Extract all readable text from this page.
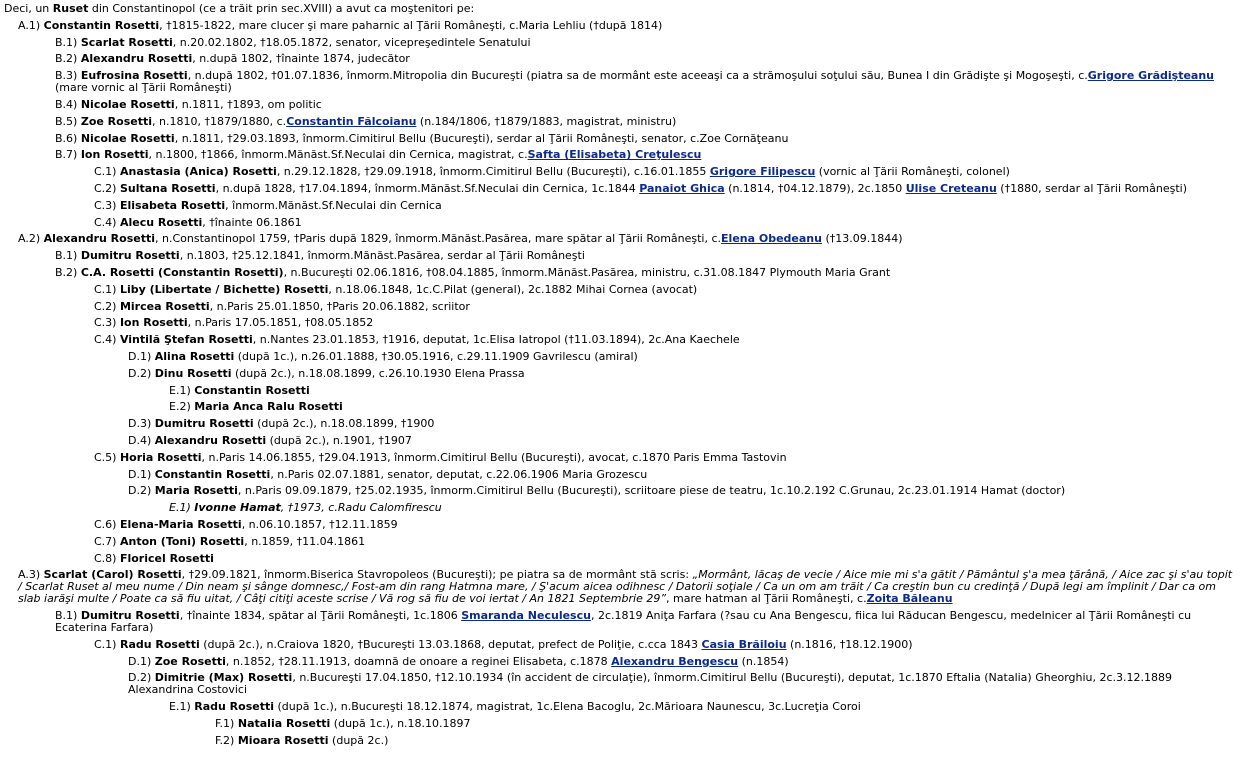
Deci, un Ruset din Constantinopol (ce a trăit prin sec.XVIII) a avut ca moştenitori pe:
A.1) Constantin Rosetti, †1815-1822, mare clucer şi mare paharnic al Ţării Româneşti, c.Maria Lehliu (†după 1814)
B.1) Scarlat Rosetti, n.20.02.1802, †18.05.1872, senator, vicepreşedintele Senatului
B.2) Alexandru Rosetti, n.după 1802, †înainte 1874, judecător
B.3) Eufrosina Rosetti, n.după 1802, †01.07.1836, înmorm.Mitropolia din Bucureşti (piatra sa de mormânt este aceeaşi ca a strămoşului soţului său, Bunea I din Grădişte şi Mogoşeşti, c.Grigore Grădişteanu (mare vornic al Ţării Româneşti)
B.4) Nicolae Rosetti, n.1811, †1893, om politic
B.5) Zoe Rosetti, n.1810, †1879/1880, c.Constantin Fălcoianu (n.184/1806, †1879/1883, magistrat, ministru)
B.6) Nicolae Rosetti, n.1811, †29.03.1893, înmorm.Cimitirul Bellu (Bucureşti), serdar al Ţării Româneşti, senator, c.Zoe Cornăţeanu
B.7) Ion Rosetti, n.1800, †1866, înmorm.Mănăst.Sf.Neculai din Cernica, magistrat, c.Safta (Elisabeta) Creţulescu
C.1) Anastasia (Anica) Rosetti, n.29.12.1828, †29.09.1918, înmorm.Cimitirul Bellu (Bucureşti), c.16.01.1855 Grigore Filipescu (vornic al Ţării Româneşti, colonel)
C.2) Sultana Rosetti, n.după 1828, †17.04.1894, înmorm.Mănăst.Sf.Neculai din Cernica, 1c.1844 Panaiot Ghica (n.1814, †04.12.1879), 2c.1850 Ulise Creteanu (†1880, serdar al Ţării Româneşti)
C.3) Elisabeta Rosetti, înmorm.Mănăst.Sf.Neculai din Cernica
C.4) Alecu Rosetti, †înainte 06.1861
A.2) Alexandru Rosetti, n.Constantinopol 1759, †Paris după 1829, înmorm.Mănăst.Pasărea, mare spătar al Ţării Româneşti, c.Elena Obedeanu (†13.09.1844)
B.1) Dumitru Rosetti, n.1803, †25.12.1841, înmorm.Mănăst.Pasărea, serdar al Ţării Româneşti
B.2) C.A. Rosetti (Constantin Rosetti), n.Bucureşti 02.06.1816, †08.04.1885, înmorm.Mănăst.Pasărea, ministru, c.31.08.1847 Plymouth Maria Grant
C.1) Liby (Libertate / Bichette) Rosetti, n.18.06.1848, 1c.C.Pilat (general), 2c.1882 Mihai Cornea (avocat)
C.2) Mircea Rosetti, n.Paris 25.01.1850, †Paris 20.06.1882, scriitor
C.3) Ion Rosetti, n.Paris 17.05.1851, †08.05.1852
C.4) Vintilă Ştefan Rosetti, n.Nantes 23.01.1853, †1916, deputat, 1c.Elisa Iatropol (†11.03.1894), 2c.Ana Kaechele
D.1) Alina Rosetti (după 1c.), n.26.01.1888, †30.05.1916, c.29.11.1909 Gavrilescu (amiral)
D.2) Dinu Rosetti (după 2c.), n.18.08.1899, c.26.10.1930 Elena Prassa
E.1) Constantin Rosetti
E.2) Maria Anca Ralu Rosetti
D.3) Dumitru Rosetti (după 2c.), n.18.08.1899, †1900
D.4) Alexandru Rosetti (după 2c.), n.1901, †1907
C.5) Horia Rosetti, n.Paris 14.06.1855, †29.04.1913, înmorm.Cimitirul Bellu (Bucureşti), avocat, c.1870 Paris Emma Tastovin
D.1) Constantin Rosetti, n.Paris 02.07.1881, senator, deputat, c.22.06.1906 Maria Grozescu
D.2) Maria Rosetti, n.Paris 09.09.1879, †25.02.1935, înmorm.Cimitirul Bellu (Bucureşti), scriitoare piese de teatru, 1c.10.2.192 C.Grunau, 2c.23.01.1914 Hamat (doctor)
E.1) Ivonne Hamat, †1973, c.Radu Calomfirescu
C.6) Elena-Maria Rosetti, n.06.10.1857, †12.11.1859
C.7) Anton (Toni) Rosetti, n.1859, †11.04.1861
C.8) Floricel Rosetti
A.3) Scarlat (Carol) Rosetti, †29.09.1821, înmorm.Biserica Stavropoleos (Bucureşti); pe piatra sa de mormânt stă scris: „Mormânt, lăcaş de vecie / Aice mie mi s'a gătit / Pământul ş'a mea ţărână, / Aice zac şi s'au topit / Scarlat Ruset al meu nume / Din neam şi sânge domnesc,/ Fost-am din rang Hatmna mare, / Ş'acum aicea odihnesc / Datorii soţiale / Ca un om am trăit / Ca creştin bun cu credinţă / După legi am împlinit / Dar ca om slab iarăşi multe / Poate ca să fiu uitat, / Câţi citiţi aceste scrise / Vă rog să fiu de voi iertat / An 1821 Septembrie 29”, mare hatman al Ţării Româneşti, c.Zoita Băleanu
B.1) Dumitru Rosetti, †înainte 1834, spătar al Ţării Româneşti, 1c.1806 Smaranda Neculescu, 2c.1819 Aniţa Farfara (?sau cu Ana Bengescu, fiica lui Răducan Bengescu, medelnicer al Ţării Româneşti cu Ecaterina Farfara)
C.1) Radu Rosetti (după 2c.), n.Craiova 1820, †Bucureşti 13.03.1868, deputat, prefect de Poliţie, c.cca 1843 Casia Brăiloiu (n.1816, †18.12.1900)
D.1) Zoe Rosetti, n.1852, †28.11.1913, doamnă de onoare a reginei Elisabeta, c.1878 Alexandru Bengescu (n.1854)
D.2) Dimitrie (Max) Rosetti, n.Bucureşti 17.04.1850, †12.10.1934 (în accident de circulaţie), înmorm.Cimitirul Bellu (Bucureşti), deputat, 1c.1870 Eftalia (Natalia) Gheorghiu, 2c.3.12.1889 Alexandrina Costovici
E.1) Radu Rosetti (după 1c.), n.Bucureşti 18.12.1874, magistrat, 1c.Elena Bacoglu, 2c.Mărioara Naunescu, 3c.Lucreţia Coroi
F.1) Natalia Rosetti (după 1c.), n.18.10.1897
F.2) Mioara Rosetti (după 2c.)
